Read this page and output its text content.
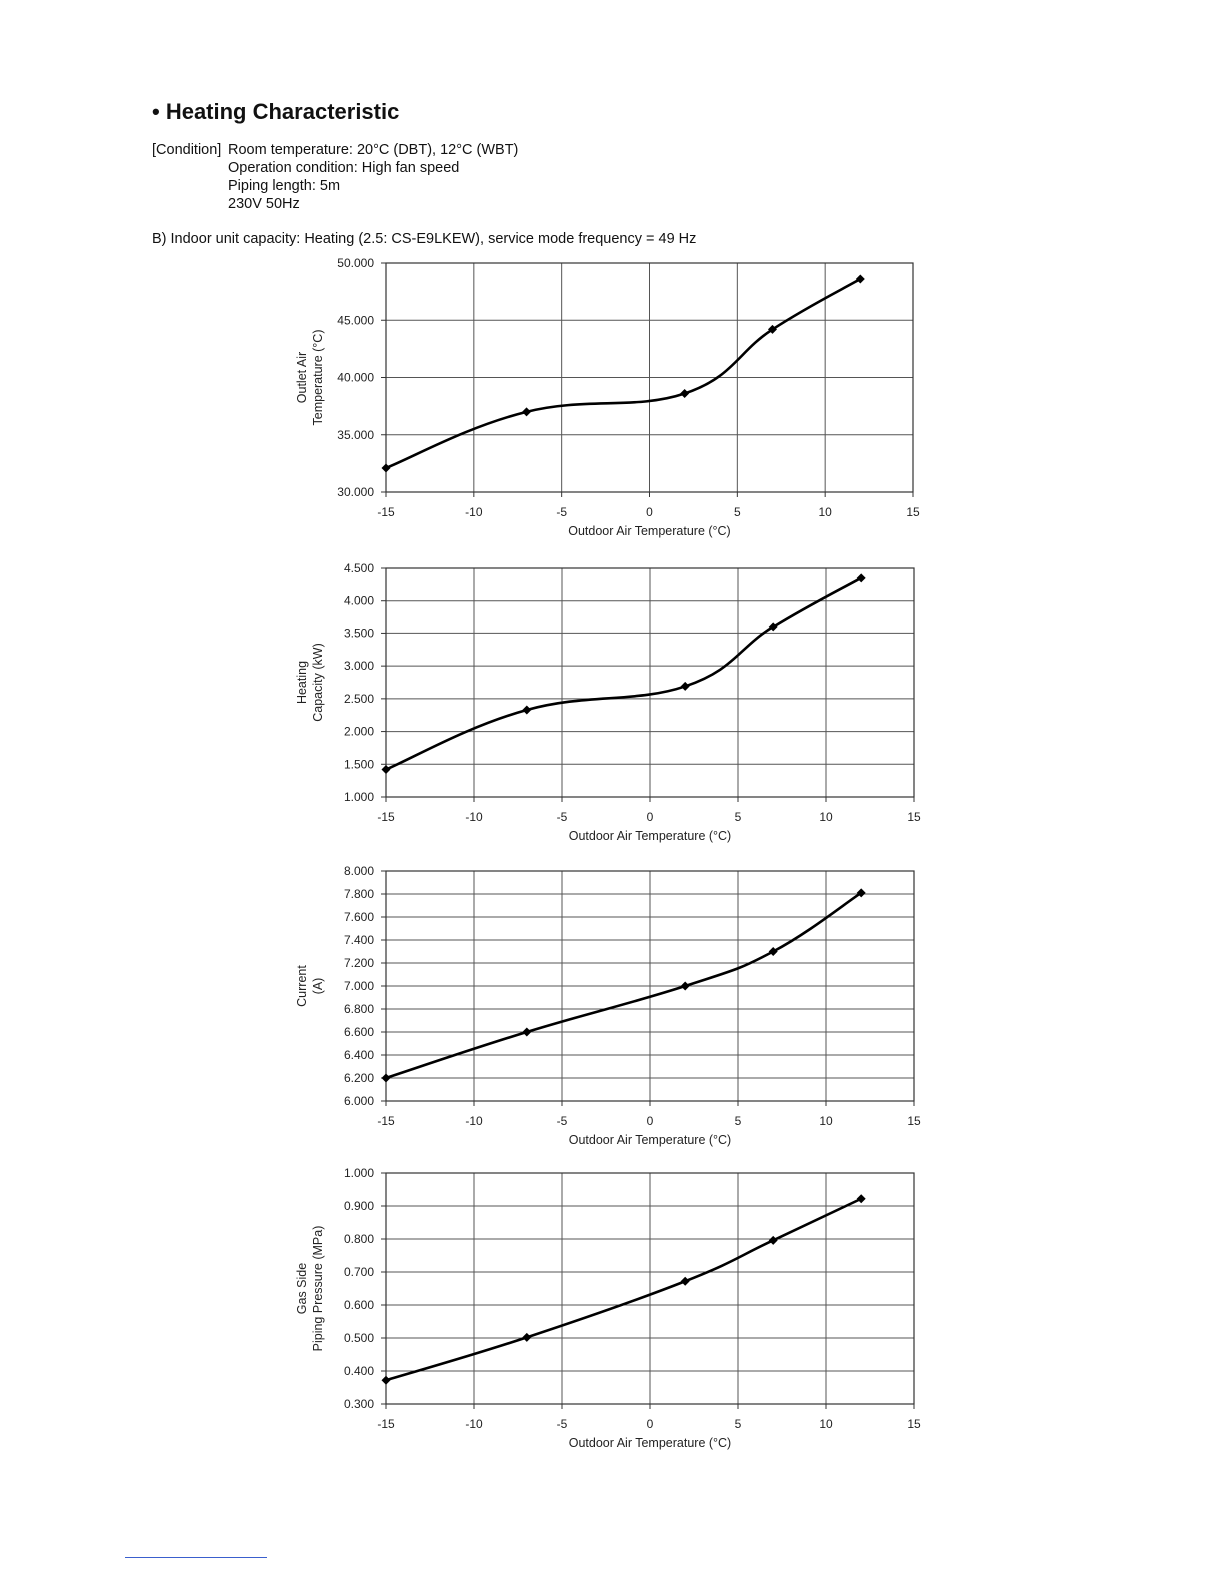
• Heating Characteristic
[Condition] Room temperature: 20°C (DBT), 12°C (WBT)
Operation condition: High fan speed
Piping length: 5m
230V 50Hz
B) Indoor unit capacity: Heating (2.5: CS-E9LKEW), service mode frequency = 49 Hz
30.000
35.000
40.000
45.000
50.000
-15	-10	-5	0	5	10	15
Outdoor Air Temperature (°C)
Outlet Air Temperature (°C)
1.000
1.500
2.000
2.500
3.000
3.500
4.000
4.500
-15	-10	-5	0	5	10	15
Outdoor Air Temperature (°C)
Heating Capacity (kW)
6.000
6.200
6.400
6.600
6.800
7.000
7.200
7.400
7.600
7.800
8.000
-15	-10	-5	0	5	10	15
Outdoor Air Temperature (°C)
Current (A)
0.300
0.400
0.500
0.600
0.700
0.800
0.900
1.000
-15	-10	-5	0	5	10	15
Outdoor Air Temperature (°C)
Gas Side Piping Pressure (MPa)
